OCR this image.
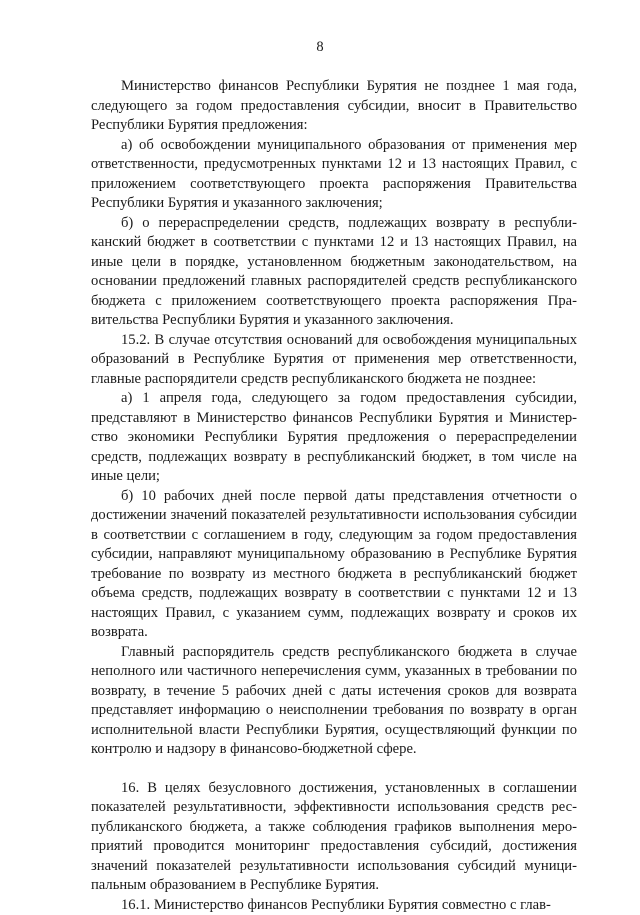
8

Министерство финансов Республики Бурятия не позднее 1 мая года, следующего за годом предоставления субсидии, вносит в Правительство Республики Бурятия предложения:

а) об освобождении муниципального образования от применения мер ответственности, предусмотренных пунктами 12 и 13 настоящих Правил, с приложением соответствующего проекта распоряжения Правительства Республики Бурятия и указанного заключения;

б) о перераспределении средств, подлежащих возврату в республиканский бюджет в соответствии с пунктами 12 и 13 настоящих Правил, на иные цели в порядке, установленном бюджетным законодательством, на основании предложений главных распорядителей средств республиканского бюджета с приложением соответствующего проекта распоряжения Правительства Республики Бурятия и указанного заключения.

15.2. В случае отсутствия оснований для освобождения муниципальных образований в Республике Бурятия от применения мер ответственности, главные распорядители средств республиканского бюджета не позднее:

а) 1 апреля года, следующего за годом предоставления субсидии, представляют в Министерство финансов Республики Бурятия и Министерство экономики Республики Бурятия предложения о перераспределении средств, подлежащих возврату в республиканский бюджет, в том числе на иные цели;

б) 10 рабочих дней после первой даты представления отчетности о достижении значений показателей результативности использования субсидии в соответствии с соглашением в году, следующим за годом предоставления субсидии, направляют муниципальному образованию в Республике Бурятия требование по возврату из местного бюджета в республиканский бюджет объема средств, подлежащих возврату в соответствии с пунктами 12 и 13 настоящих Правил, с указанием сумм, подлежащих возврату и сроков их возврата.

Главный распорядитель средств республиканского бюджета в случае неполного или частичного неперечисления сумм, указанных в требовании по возврату, в течение 5 рабочих дней с даты истечения сроков для возврата представляет информацию о неисполнении требования по возврату в орган исполнительной власти Республики Бурятия, осуществляющий функции по контролю и надзору в финансово-бюджетной сфере.

16. В целях безусловного достижения, установленных в соглашении показателей результативности, эффективности использования средств республиканского бюджета, а также соблюдения графиков выполнения мероприятий проводится мониторинг предоставления субсидий, достижения значений показателей результативности использования субсидий муниципальным образованием в Республике Бурятия.

16.1. Министерство финансов Республики Бурятия совместно с глав-
